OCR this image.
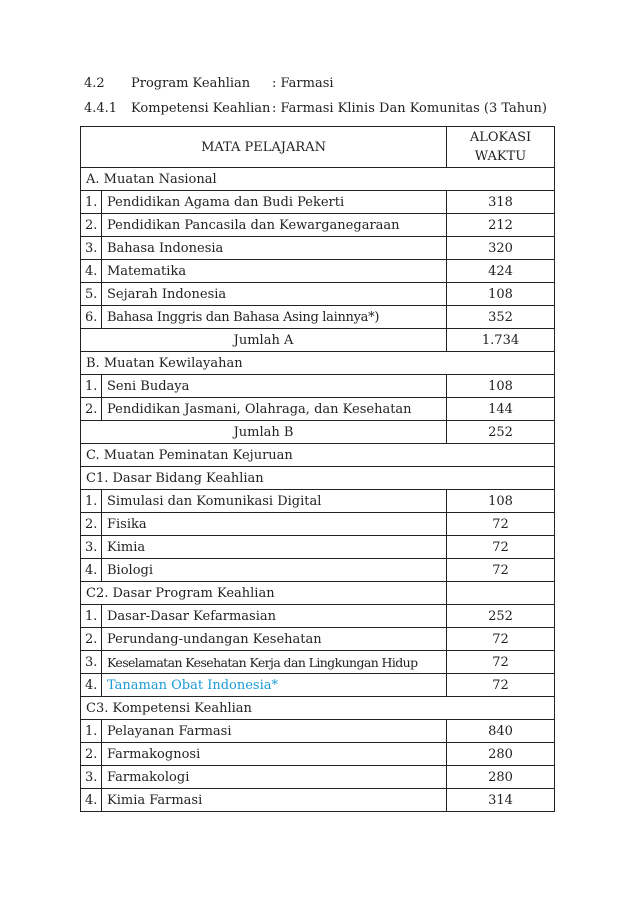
4.2 Program Keahlian : Farmasi
4.4.1 Kompetensi Keahlian : Farmasi Klinis Dan Komunitas (3 Tahun)
MATA PELAJARAN		ALOKASI
WAKTU
A. Muatan Nasional		
1.	Pendidikan Agama dan Budi Pekerti	318
2.	Pendidikan Pancasila dan Kewarganegaraan	212
3.	Bahasa Indonesia	320
4.	Matematika	424
5.	Sejarah Indonesia	108
6.	Bahasa Inggris dan Bahasa Asing lainnya*)	352
Jumlah A		1.734
B. Muatan Kewilayahan		
1.	Seni Budaya	108
2.	Pendidikan Jasmani, Olahraga, dan Kesehatan	144
Jumlah B		252
C. Muatan Peminatan Kejuruan		
C1. Dasar Bidang Keahlian		
1.	Simulasi dan Komunikasi Digital	108
2.	Fisika	72
3.	Kimia	72
4.	Biologi	72
C2. Dasar Program Keahlian		
1.	Dasar-Dasar Kefarmasian	252
2.	Perundang-undangan Kesehatan	72
3.	Keselamatan Kesehatan Kerja dan Lingkungan Hidup	72
4.	Tanaman Obat Indonesia*	72
C3. Kompetensi Keahlian		
1.	Pelayanan Farmasi	840
2.	Farmakognosi	280
3.	Farmakologi	280
4.	Kimia Farmasi	314
